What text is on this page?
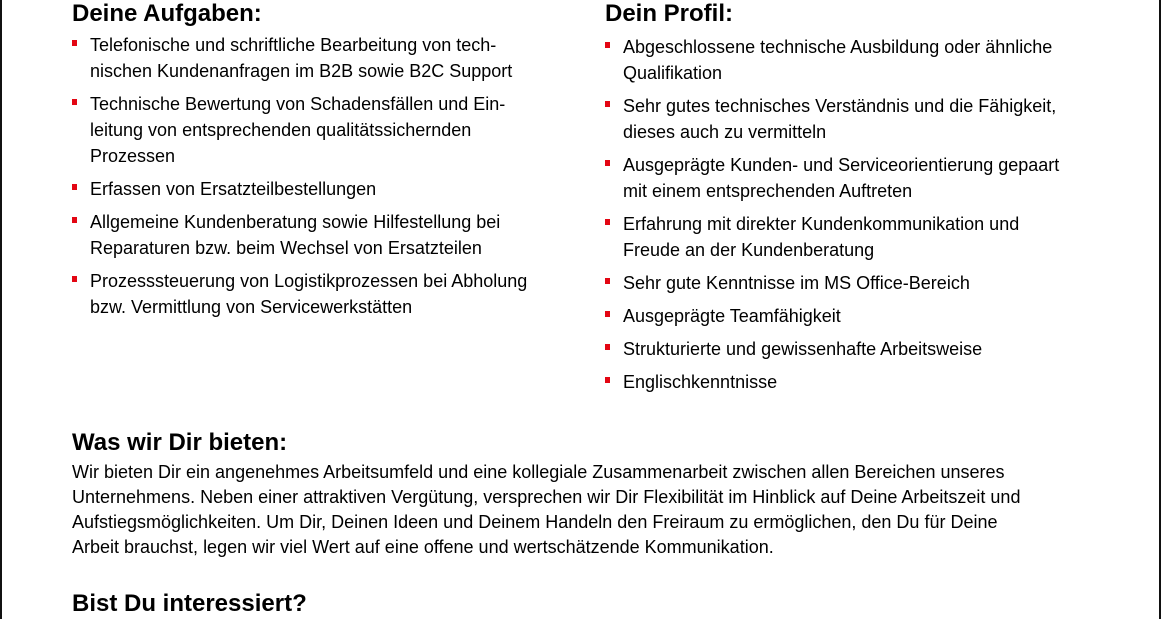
Deine Aufgaben:
Telefonische und schriftliche Bearbeitung von tech-
nischen Kundenanfragen im B2B sowie B2C Support
Technische Bewertung von Schadensfällen und Ein-
leitung von entsprechenden qualitätssichernden
Prozessen
Erfassen von Ersatzteilbestellungen
Allgemeine Kundenberatung sowie Hilfestellung bei
Reparaturen bzw. beim Wechsel von Ersatzteilen
Prozesssteuerung von Logistikprozessen bei Abholung
bzw. Vermittlung von Servicewerkstätten
Dein Profil:
Abgeschlossene technische Ausbildung oder ähnliche
Qualifikation
Sehr gutes technisches Verständnis und die Fähigkeit,
dieses auch zu vermitteln
Ausgeprägte Kunden- und Serviceorientierung gepaart
mit einem entsprechenden Auftreten
Erfahrung mit direkter Kundenkommunikation und
Freude an der Kundenberatung
Sehr gute Kenntnisse im MS Office-Bereich
Ausgeprägte Teamfähigkeit
Strukturierte und gewissenhafte Arbeitsweise
Englischkenntnisse
Was wir Dir bieten:

Wir bieten Dir ein angenehmes Arbeitsumfeld und eine kollegiale Zusammenarbeit zwischen allen Bereichen unseres
Unternehmens. Neben einer attraktiven Vergütung, versprechen wir Dir Flexibilität im Hinblick auf Deine Arbeitszeit und
Aufstiegsmöglichkeiten. Um Dir, Deinen Ideen und Deinem Handeln den Freiraum zu ermöglichen, den Du für Deine
Arbeit brauchst, legen wir viel Wert auf eine offene und wertschätzende Kommunikation.

Bist Du interessiert?
